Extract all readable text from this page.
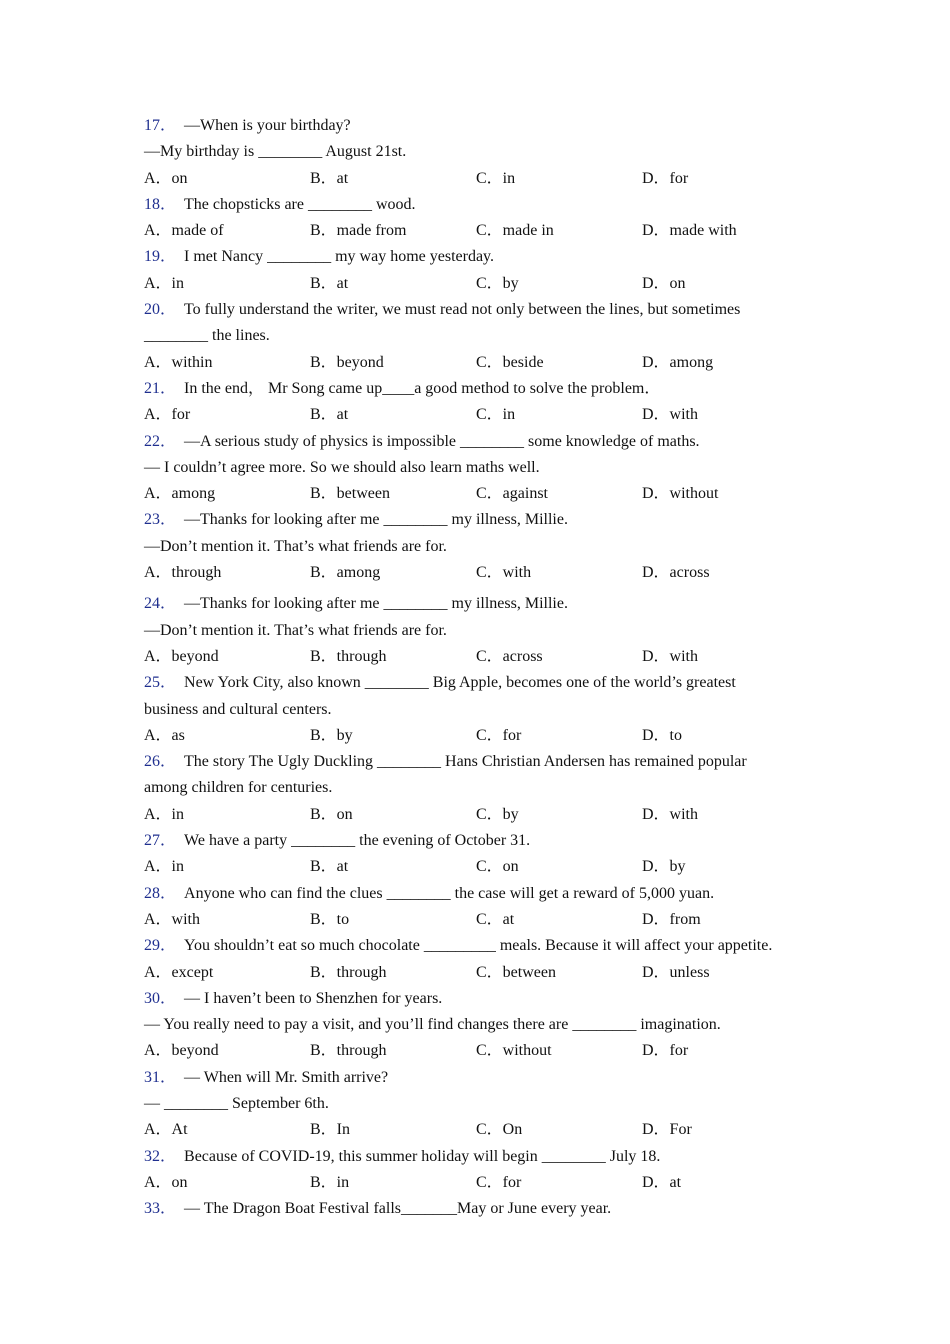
17． —When is your birthday?
—My birthday is ________ August 21st.
A．on	B．at	C．in	D．for
18． The chopsticks are ________ wood.
A．made of	B．made from	C．made in	D．made with
19． I met Nancy ________ my way home yesterday.
A．in	B．at	C．by	D．on
20． To fully understand the writer, we must read not only between the lines, but sometimes
________ the lines.
A．within	B．beyond	C．beside	D．among
21． In the end， Mr Song came up____a good method to solve the problem．
A．for	B．at	C．in	D．with
22． —A serious study of physics is impossible ________ some knowledge of maths.
— I couldn’t agree more. So we should also learn maths well.
A．among	B．between	C．against	D．without
23． —Thanks for looking after me ________ my illness, Millie.
—Don’t mention it. That’s what friends are for.
A．through	B．among	C．with	D．across
24． —Thanks for looking after me ________ my illness, Millie.
—Don’t mention it. That’s what friends are for.
A．beyond	B．through	C．across	D．with
25． New York City, also known ________ Big Apple, becomes one of the world’s greatest
business and cultural centers.
A．as	B．by	C．for	D．to
26． The story The Ugly Duckling ________ Hans Christian Andersen has remained popular
among children for centuries.
A．in	B．on	C．by	D．with
27． We have a party ________ the evening of October 31.
A．in	B．at	C．on	D．by
28． Anyone who can find the clues ________ the case will get a reward of 5,000 yuan.
A．with	B．to	C．at	D．from
29． You shouldn’t eat so much chocolate _________ meals. Because it will affect your appetite.
A．except	B．through	C．between	D．unless
30． — I haven’t been to Shenzhen for years.
— You really need to pay a visit, and you’ll find changes there are ________ imagination.
A．beyond	B．through	C．without	D．for
31． — When will Mr. Smith arrive?
— ________ September 6th.
A．At	B．In	C．On	D．For
32． Because of COVID-19, this summer holiday will begin ________ July 18.
A．on	B．in	C．for	D．at
33． — The Dragon Boat Festival falls_______May or June every year.
